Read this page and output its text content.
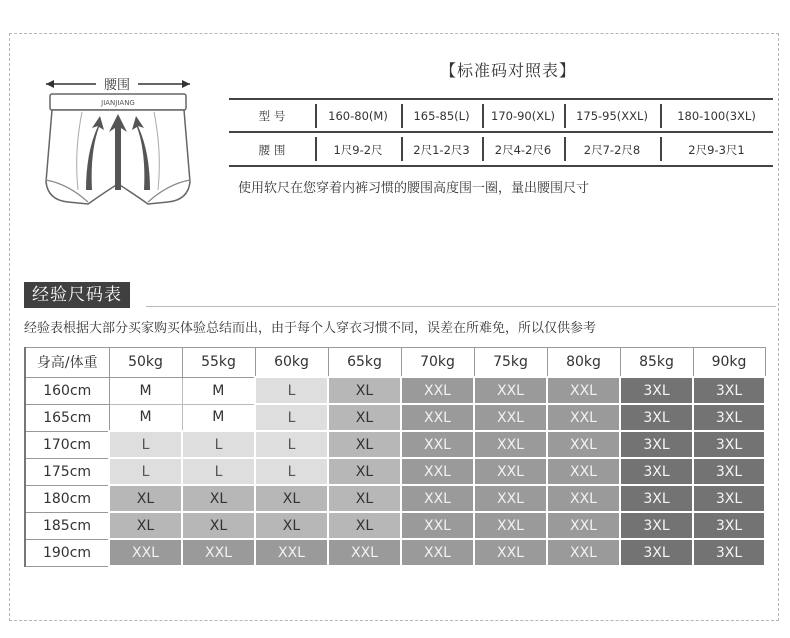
腰围
JIANJIANG
【标准码对照表】
型 号	160-80(M)	165-85(L)	170-90(XL)	175-95(XXL)	180-100(3XL)
腰 围	1尺9-2尺	2尺1-2尺3	2尺4-2尺6	2尺7-2尺8	2尺9-3尺1
使用软尺在您穿着内裤习惯的腰围高度围一圈，量出腰围尺寸
经验尺码表
经验表根据大部分买家购买体验总结而出，由于每个人穿衣习惯不同，误差在所难免，所以仅供参考
身高/体重	50kg	55kg	60kg	65kg	70kg	75kg	80kg	85kg	90kg
160cm	M	M	L	XL	XXL	XXL	XXL	3XL	3XL
165cm	M	M	L	XL	XXL	XXL	XXL	3XL	3XL
170cm	L	L	L	XL	XXL	XXL	XXL	3XL	3XL
175cm	L	L	L	XL	XXL	XXL	XXL	3XL	3XL
180cm	XL	XL	XL	XL	XXL	XXL	XXL	3XL	3XL
185cm	XL	XL	XL	XL	XXL	XXL	XXL	3XL	3XL
190cm	XXL	XXL	XXL	XXL	XXL	XXL	XXL	3XL	3XL
